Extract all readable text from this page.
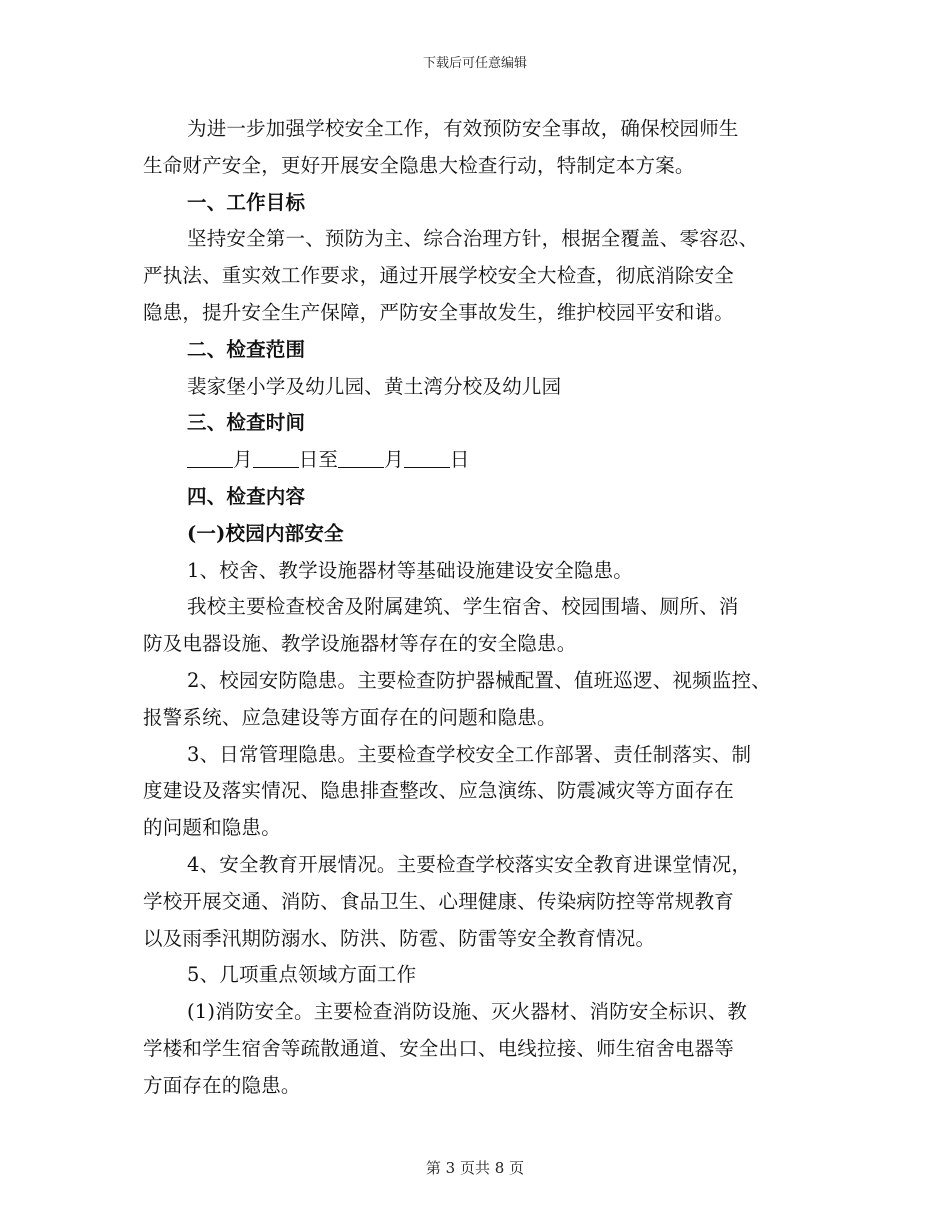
下载后可任意编辑
为进一步加强学校安全工作，有效预防安全事故，确保校园师生
生命财产安全，更好开展安全隐患大检查行动，特制定本方案。
一、工作目标
坚持安全第一、预防为主、综合治理方针，根据全覆盖、零容忍、
严执法、重实效工作要求，通过开展学校安全大检查，彻底消除安全
隐患，提升安全生产保障，严防安全事故发生，维护校园平安和谐。
二、检查范围
裴家堡小学及幼儿园、黄土湾分校及幼儿园
三、检查时间
月 日至 月 日
四、检查内容
(一)校园内部安全
1、校舍、教学设施器材等基础设施建设安全隐患。
我校主要检查校舍及附属建筑、学生宿舍、校园围墙、厕所、消
防及电器设施、教学设施器材等存在的安全隐患。
2、校园安防隐患。主要检查防护器械配置、值班巡逻、视频监控、
报警系统、应急建设等方面存在的问题和隐患。
3、日常管理隐患。主要检查学校安全工作部署、责任制落实、制
度建设及落实情况、隐患排查整改、应急演练、防震减灾等方面存在
的问题和隐患。
4、安全教育开展情况。主要检查学校落实安全教育进课堂情况，
学校开展交通、消防、食品卫生、心理健康、传染病防控等常规教育
以及雨季汛期防溺水、防洪、防雹、防雷等安全教育情况。
5、几项重点领域方面工作
(1)消防安全。主要检查消防设施、灭火器材、消防安全标识、教
学楼和学生宿舍等疏散通道、安全出口、电线拉接、师生宿舍电器等
方面存在的隐患。
第 3 页共 8 页
